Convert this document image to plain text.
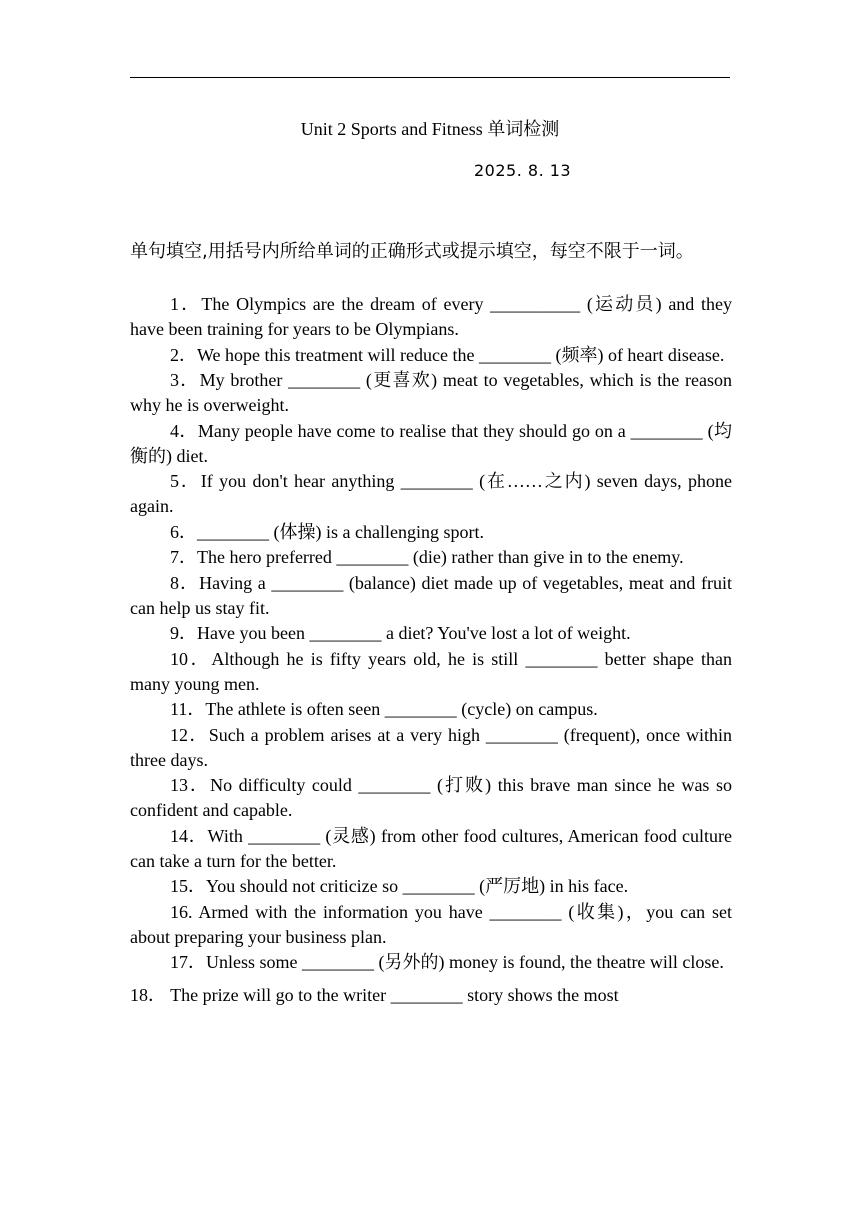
Unit 2 Sports and Fitness 单词检测
2025. 8. 13
单句填空,用括号内所给单词的正确形式或提示填空，每空不限于一词。

1．The Olympics are the dream of every __________ (运动员) and they have been training for years to be Olympians.

2．We hope this treatment will reduce the ________ (频率) of heart disease.

3．My brother ________ (更喜欢) meat to vegetables, which is the reason why he is overweight.

4．Many people have come to realise that they should go on a ________ (均衡的) diet.

5．If you don't hear anything ________ (在……之内) seven days, phone again.

6．________ (体操) is a challenging sport.

7．The hero preferred ________ (die) rather than give in to the enemy.

8．Having a ________ (balance) diet made up of vegetables, meat and fruit can help us stay fit.

9．Have you been ________ a diet? You've lost a lot of weight.

10．Although he is fifty years old, he is still ________ better shape than many young men.

11．The athlete is often seen ________ (cycle) on campus.

12．Such a problem arises at a very high ________ (frequent), once within three days.

13．No difficulty could ________ (打败) this brave man since he was so confident and capable.

14．With ________ (灵感) from other food cultures, American food culture can take a turn for the better.

15．You should not criticize so ________ (严厉地) in his face.

16. Armed with the information you have ________ (收集)，you can set about preparing your business plan.

17．Unless some ________ (另外的) money is found, the theatre will close.

18． The prize will go to the writer ________ story shows the most
